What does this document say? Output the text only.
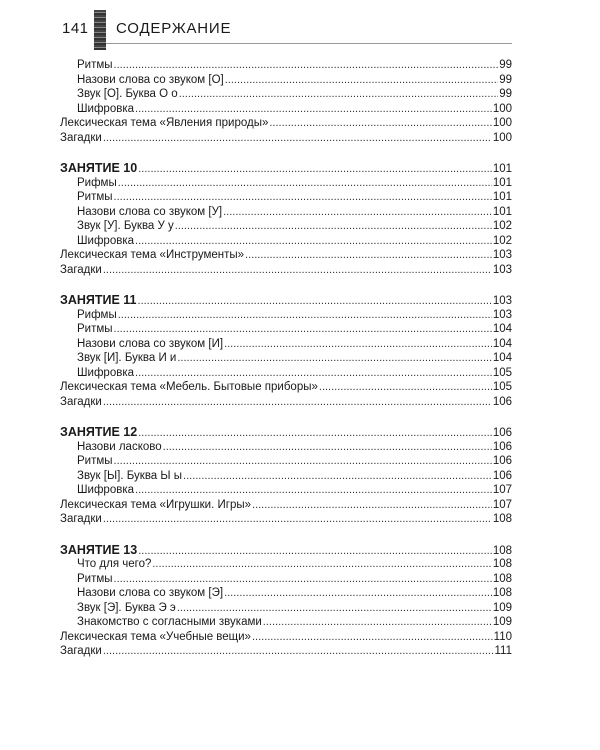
141 СОДЕРЖАНИЕ
Ритмы .....	99
Назови слова со звуком [О] .....	99
Звук [О]. Буква О о .....	99
Шифровка .....	100
Лексическая тема «Явления природы» .....	100
Загадки .....	100
ЗАНЯТИЕ 10 .....	101
Рифмы .....	101
Ритмы .....	101
Назови слова со звуком [У] .....	101
Звук [У]. Буква У у .....	102
Шифровка .....	102
Лексическая тема «Инструменты» .....	103
Загадки .....	103
ЗАНЯТИЕ 11 .....	103
Рифмы .....	103
Ритмы .....	104
Назови слова со звуком [И] .....	104
Звук [И]. Буква И и .....	104
Шифровка .....	105
Лексическая тема «Мебель. Бытовые приборы» .....	105
Загадки .....	106
ЗАНЯТИЕ 12 .....	106
Назови ласково .....	106
Ритмы .....	106
Звук [Ы]. Буква Ы ы .....	106
Шифровка .....	107
Лексическая тема «Игрушки. Игры» .....	107
Загадки .....	108
ЗАНЯТИЕ 13 .....	108
Что для чего? .....	108
Ритмы .....	108
Назови слова со звуком [Э] .....	108
Звук [Э]. Буква Э э .....	109
Знакомство с согласными звуками .....	109
Лексическая тема «Учебные вещи» .....	110
Загадки .....	111
